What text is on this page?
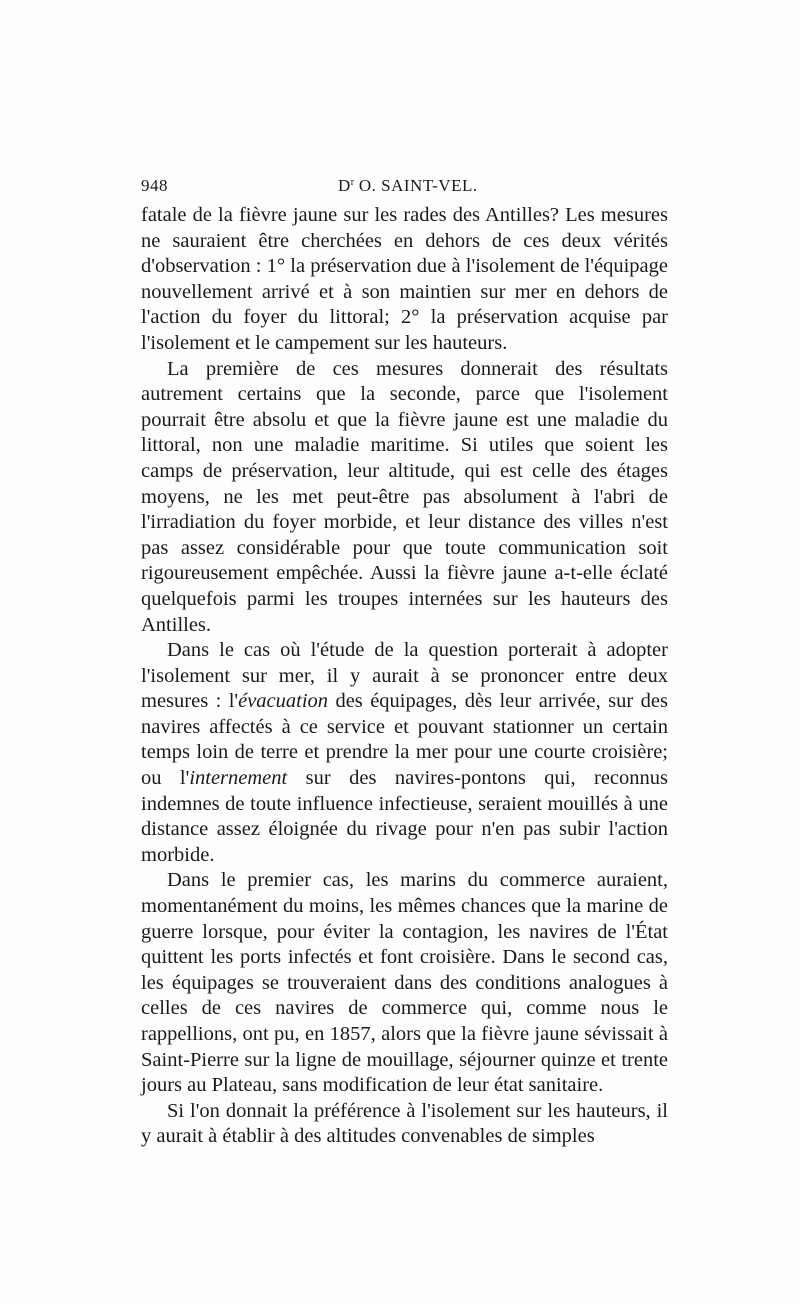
948	$D^r$ O. SAINT-VEL.

fatale de la fièvre jaune sur les rades des Antilles? Les mesures ne sauraient être cherchées en dehors de ces deux vérités d'observation : 1° la préservation due à l'isolement de l'équipage nouvellement arrivé et à son maintien sur mer en dehors de l'action du foyer du littoral; 2° la préservation acquise par l'isolement et le campement sur les hauteurs.

La première de ces mesures donnerait des résultats autrement certains que la seconde, parce que l'isolement pourrait être absolu et que la fièvre jaune est une maladie du littoral, non une maladie maritime. Si utiles que soient les camps de préservation, leur altitude, qui est celle des étages moyens, ne les met peut-être pas absolument à l'abri de l'irradiation du foyer morbide, et leur distance des villes n'est pas assez considérable pour que toute communication soit rigoureusement empêchée. Aussi la fièvre jaune a-t-elle éclaté quelquefois parmi les troupes internées sur les hauteurs des Antilles.

Dans le cas où l'étude de la question porterait à adopter l'isolement sur mer, il y aurait à se prononcer entre deux mesures : l'évacuation des équipages, dès leur arrivée, sur des navires affectés à ce service et pouvant stationner un certain temps loin de terre et prendre la mer pour une courte croisière; ou l'internement sur des navires-pontons qui, reconnus indemnes de toute influence infectieuse, seraient mouillés à une distance assez éloignée du rivage pour n'en pas subir l'action morbide.

Dans le premier cas, les marins du commerce auraient, momentanément du moins, les mêmes chances que la marine de guerre lorsque, pour éviter la contagion, les navires de l'État quittent les ports infectés et font croisière. Dans le second cas, les équipages se trouveraient dans des conditions analogues à celles de ces navires de commerce qui, comme nous le rappellions, ont pu, en 1857, alors que la fièvre jaune sévissait à Saint-Pierre sur la ligne de mouillage, séjourner quinze et trente jours au Plateau, sans modification de leur état sanitaire.

Si l'on donnait la préférence à l'isolement sur les hauteurs, il y aurait à établir à des altitudes convenables de simples
